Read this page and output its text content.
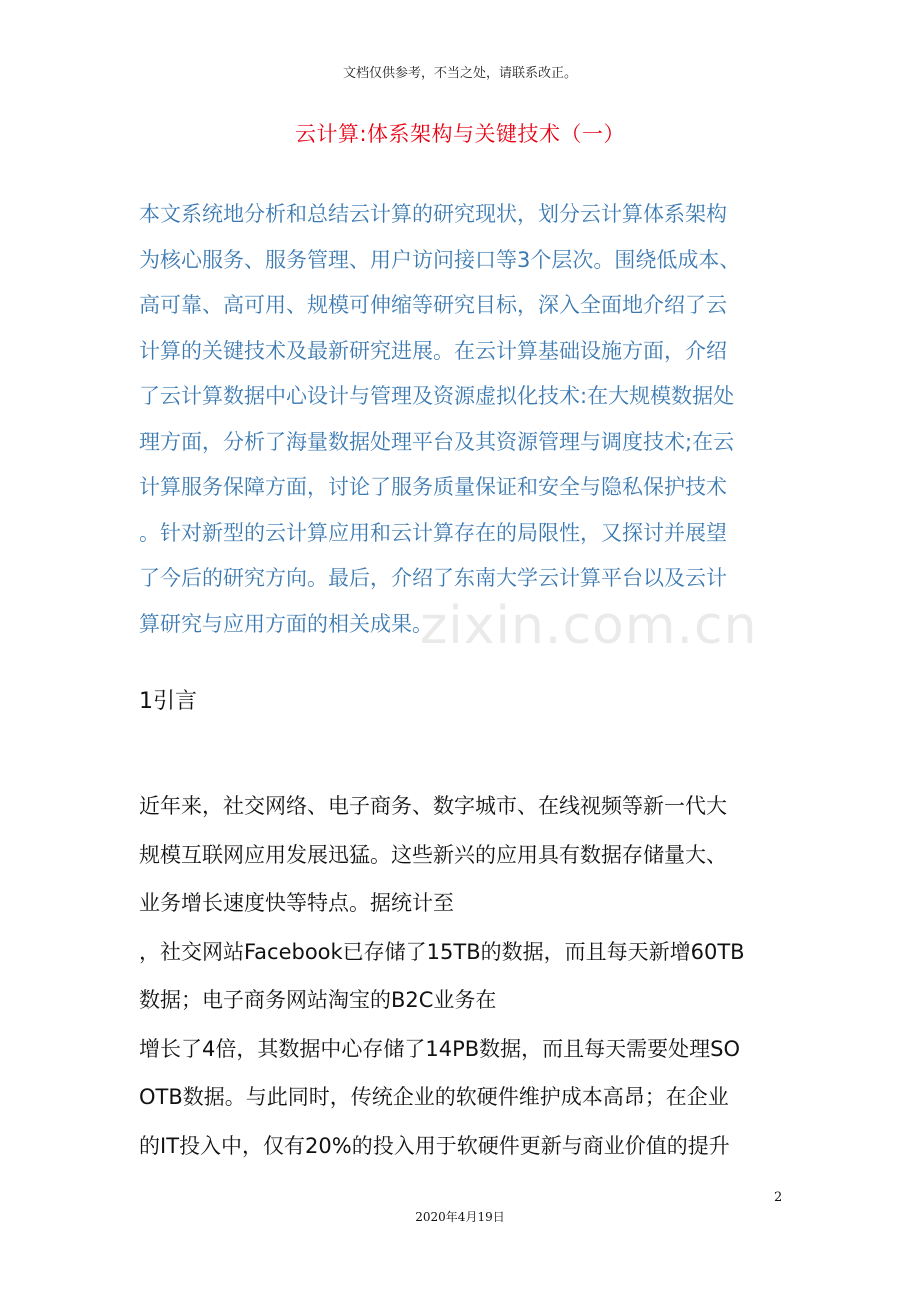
文档仅供参考，不当之处，请联系改正。
云计算:体系架构与关键技术（一）

本文系统地分析和总结云计算的研究现状，划分云计算体系架构
为核心服务、服务管理、用户访问接口等3个层次。围绕低成本、
高可靠、高可用、规模可伸缩等研究目标，深入全面地介绍了云
计算的关键技术及最新研究进展。在云计算基础设施方面，介绍
了云计算数据中心设计与管理及资源虚拟化技术:在大规模数据处
理方面，分析了海量数据处理平台及其资源管理与调度技术;在云
计算服务保障方面，讨论了服务质量保证和安全与隐私保护技术
。针对新型的云计算应用和云计算存在的局限性，又探讨并展望
了今后的研究方向。最后，介绍了东南大学云计算平台以及云计
算研究与应用方面的相关成果。

zixin.com.cn
1引言

近年来，社交网络、电子商务、数字城市、在线视频等新一代大
规模互联网应用发展迅猛。这些新兴的应用具有数据存储量大、
业务增长速度快等特点。据统计至
，社交网站Facebook已存储了15TB的数据，而且每天新增60TB
数据；电子商务网站淘宝的B2C业务在
增长了4倍，其数据中心存储了14PB数据，而且每天需要处理SO
OTB数据。与此同时，传统企业的软硬件维护成本高昂；在企业
的IT投入中，仅有20%的投入用于软硬件更新与商业价值的提升

2
2020年4月19日
